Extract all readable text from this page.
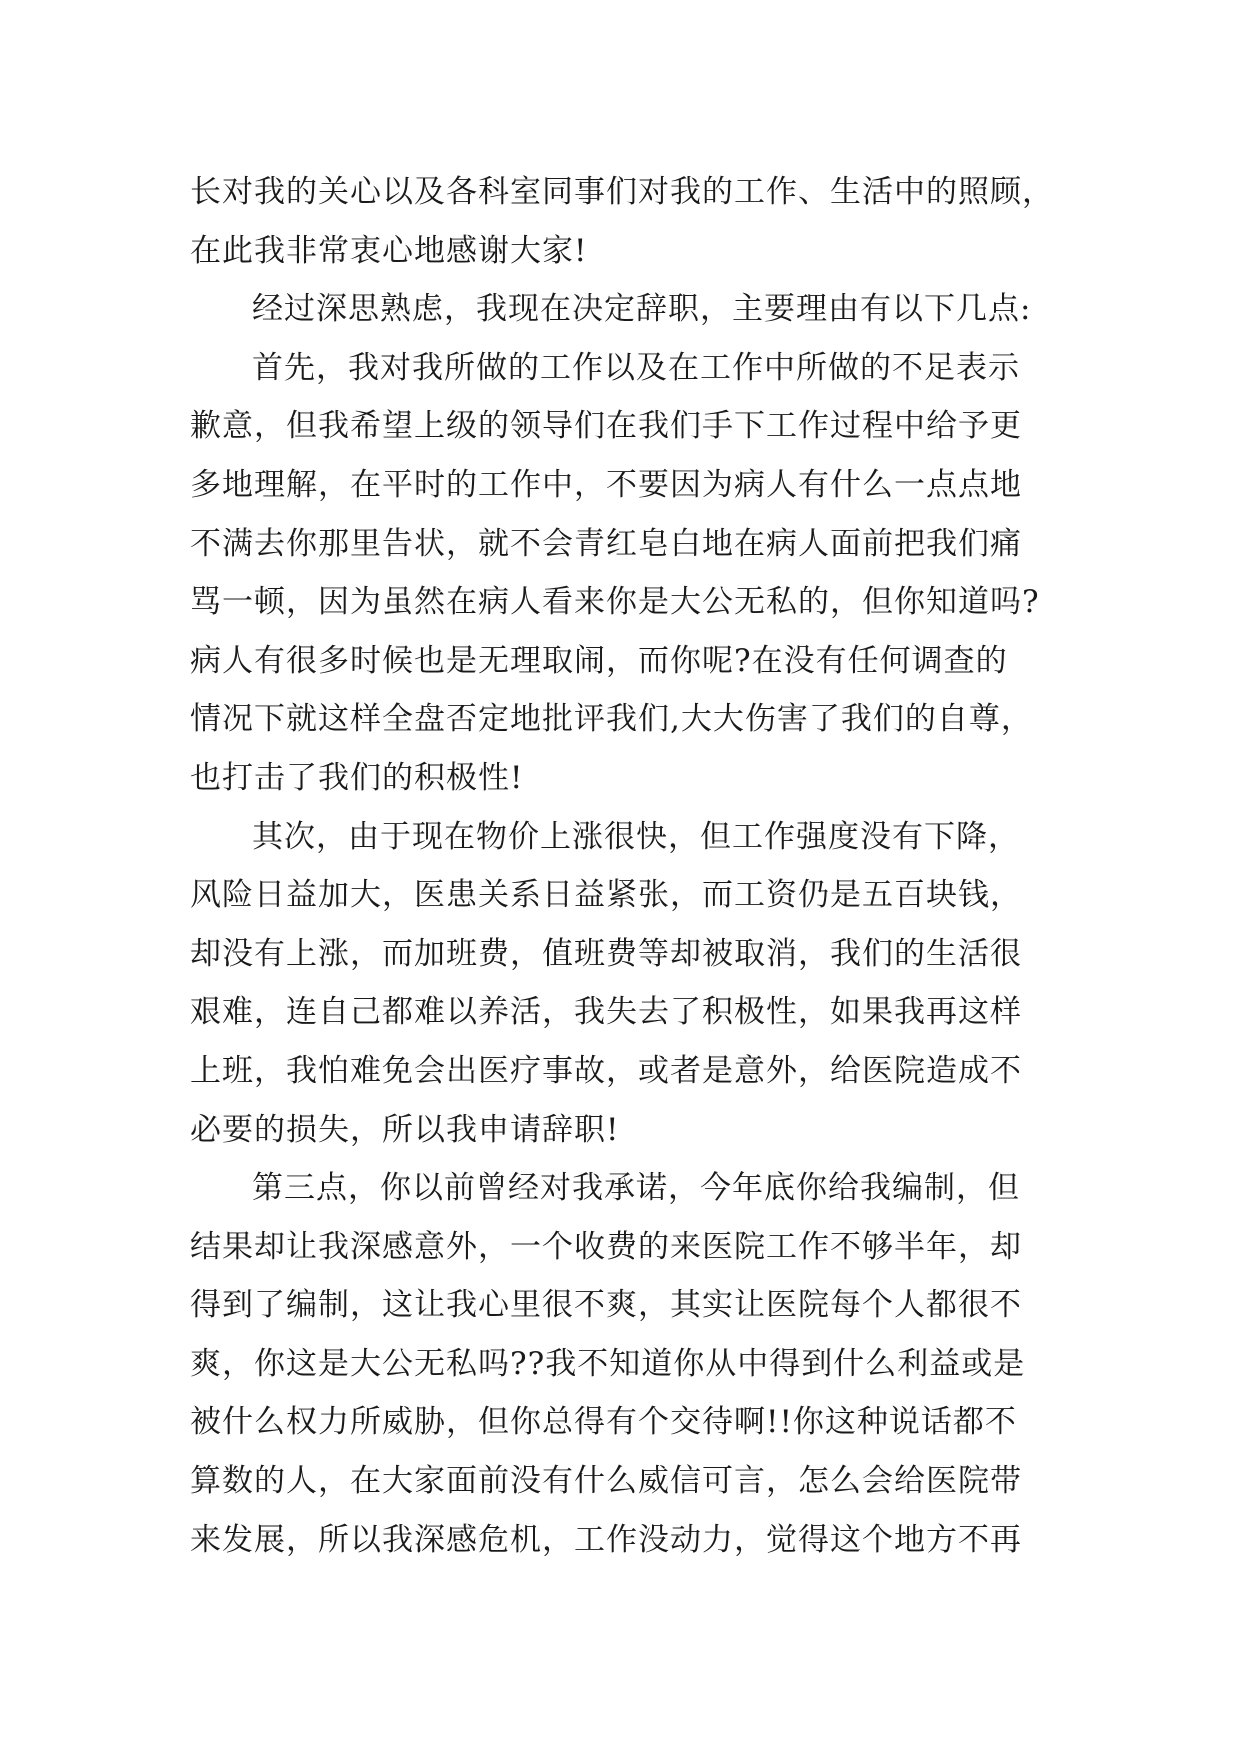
长对我的关心以及各科室同事们对我的工作、生活中的照顾，
在此我非常衷心地感谢大家!
经过深思熟虑，我现在决定辞职，主要理由有以下几点:
首先，我对我所做的工作以及在工作中所做的不足表示
歉意，但我希望上级的领导们在我们手下工作过程中给予更
多地理解，在平时的工作中，不要因为病人有什么一点点地
不满去你那里告状，就不会青红皂白地在病人面前把我们痛
骂一顿，因为虽然在病人看来你是大公无私的，但你知道吗?
病人有很多时候也是无理取闹，而你呢?在没有任何调查的
情况下就这样全盘否定地批评我们,大大伤害了我们的自尊，
也打击了我们的积极性!
其次，由于现在物价上涨很快，但工作强度没有下降，
风险日益加大，医患关系日益紧张，而工资仍是五百块钱，
却没有上涨，而加班费，值班费等却被取消，我们的生活很
艰难，连自己都难以养活，我失去了积极性，如果我再这样
上班，我怕难免会出医疗事故，或者是意外，给医院造成不
必要的损失，所以我申请辞职!
第三点，你以前曾经对我承诺，今年底你给我编制，但
结果却让我深感意外，一个收费的来医院工作不够半年，却
得到了编制，这让我心里很不爽，其实让医院每个人都很不
爽，你这是大公无私吗??我不知道你从中得到什么利益或是
被什么权力所威胁，但你总得有个交待啊!!你这种说话都不
算数的人，在大家面前没有什么威信可言，怎么会给医院带
来发展，所以我深感危机，工作没动力，觉得这个地方不再
